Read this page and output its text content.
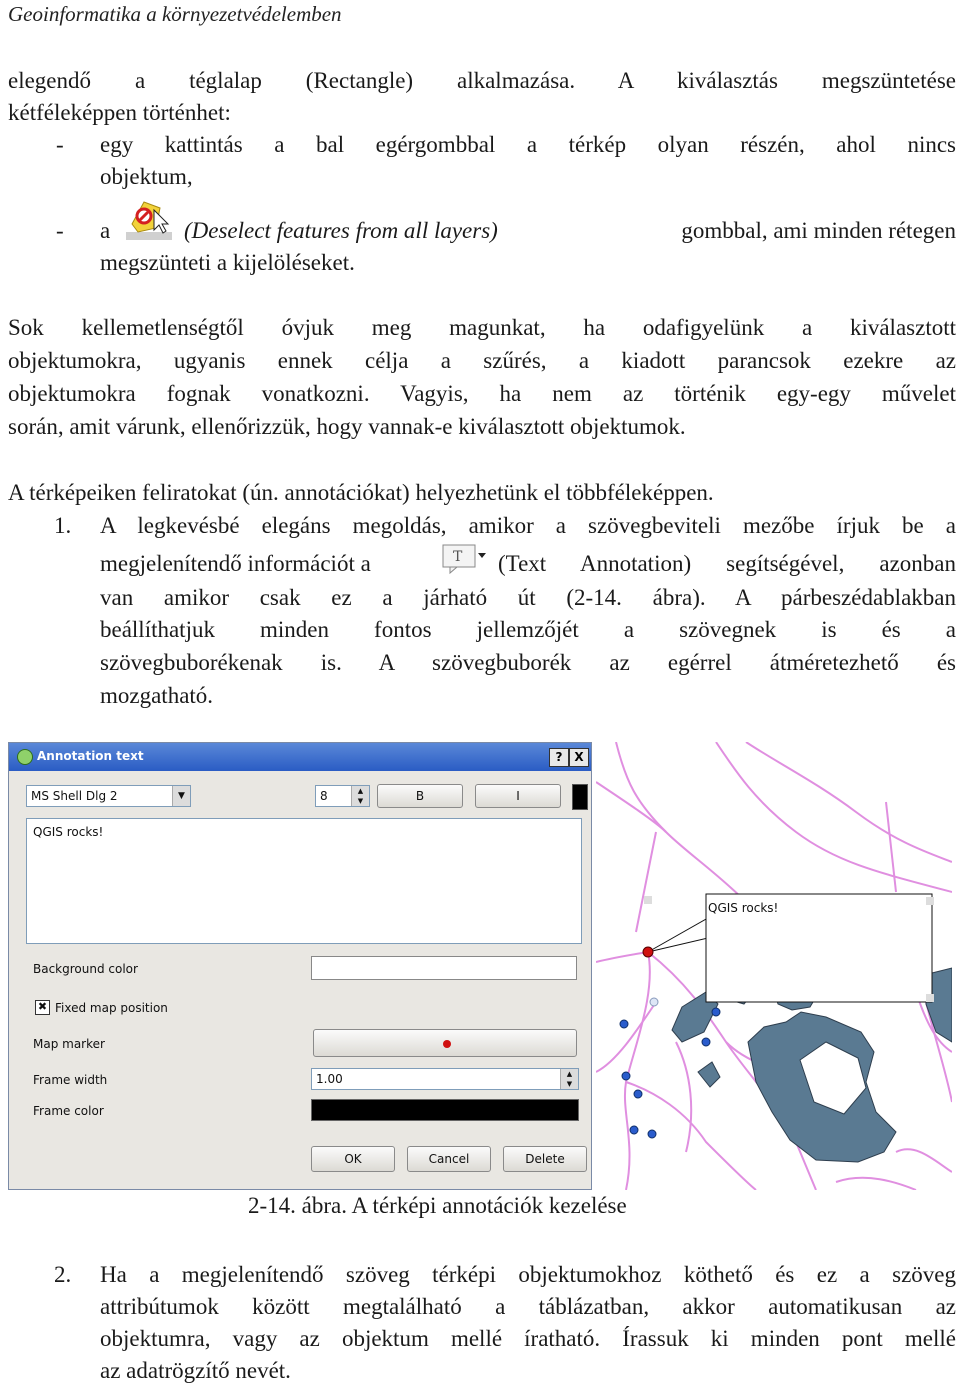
Geoinformatika a környezetvédelemben
elegendő a téglalap (Rectangle) alkalmazása. A kiválasztás megszüntetése
kétféleképpen történhet:
- egy kattintás a bal egérgombbal a térkép olyan részén, ahol nincs
objektum,
- a	(Deselect features from all layers)	gombbal, ami minden rétegen
megszünteti a kijelöléseket.
Sok kellemetlenségtől óvjuk meg magunkat, ha odafigyelünk a kiválasztott
objektumokra, ugyanis ennek célja a szűrés, a kiadott parancsok ezekre az
objektumokra fognak vonatkozni. Vagyis, ha nem az történik egy-egy művelet
során, amit várunk, ellenőrizzük, hogy vannak-e kiválasztott objektumok.
A térképeiken feliratokat (ún. annotációkat) helyezhetünk el többféleképpen.
1. A legkevésbé elegáns megoldás, amikor a szövegbeviteli mezőbe írjuk be a
megjelenítendő információt a	T (Text Annotation) segítségével, azonban
van amikor csak ez a járható út (2-14. ábra). A párbeszédablakban
beállíthatjuk minden fontos jellemzőjét a szövegnek is és a
szövegbuborékenak is. A szövegbuborék az egérrel átméretezhető és
mozgatható.
Annotation text	? X
MS Shell Dlg 2	▼	8	▲
▼	B	I
QGIS rocks!
Background color
✖ Fixed map position
Map marker
Frame width	1.00	▲
▼
Frame color
OK	Cancel	Delete
QGIS rocks!
2-14. ábra. A térképi annotációk kezelése
2. Ha a megjelenítendő szöveg térképi objektumokhoz köthető és ez a szöveg
attribútumok között megtalálható a táblázatban, akkor automatikusan az
objektumra, vagy az objektum mellé íratható. Írassuk ki minden pont mellé
az adatrögzítő nevét.
